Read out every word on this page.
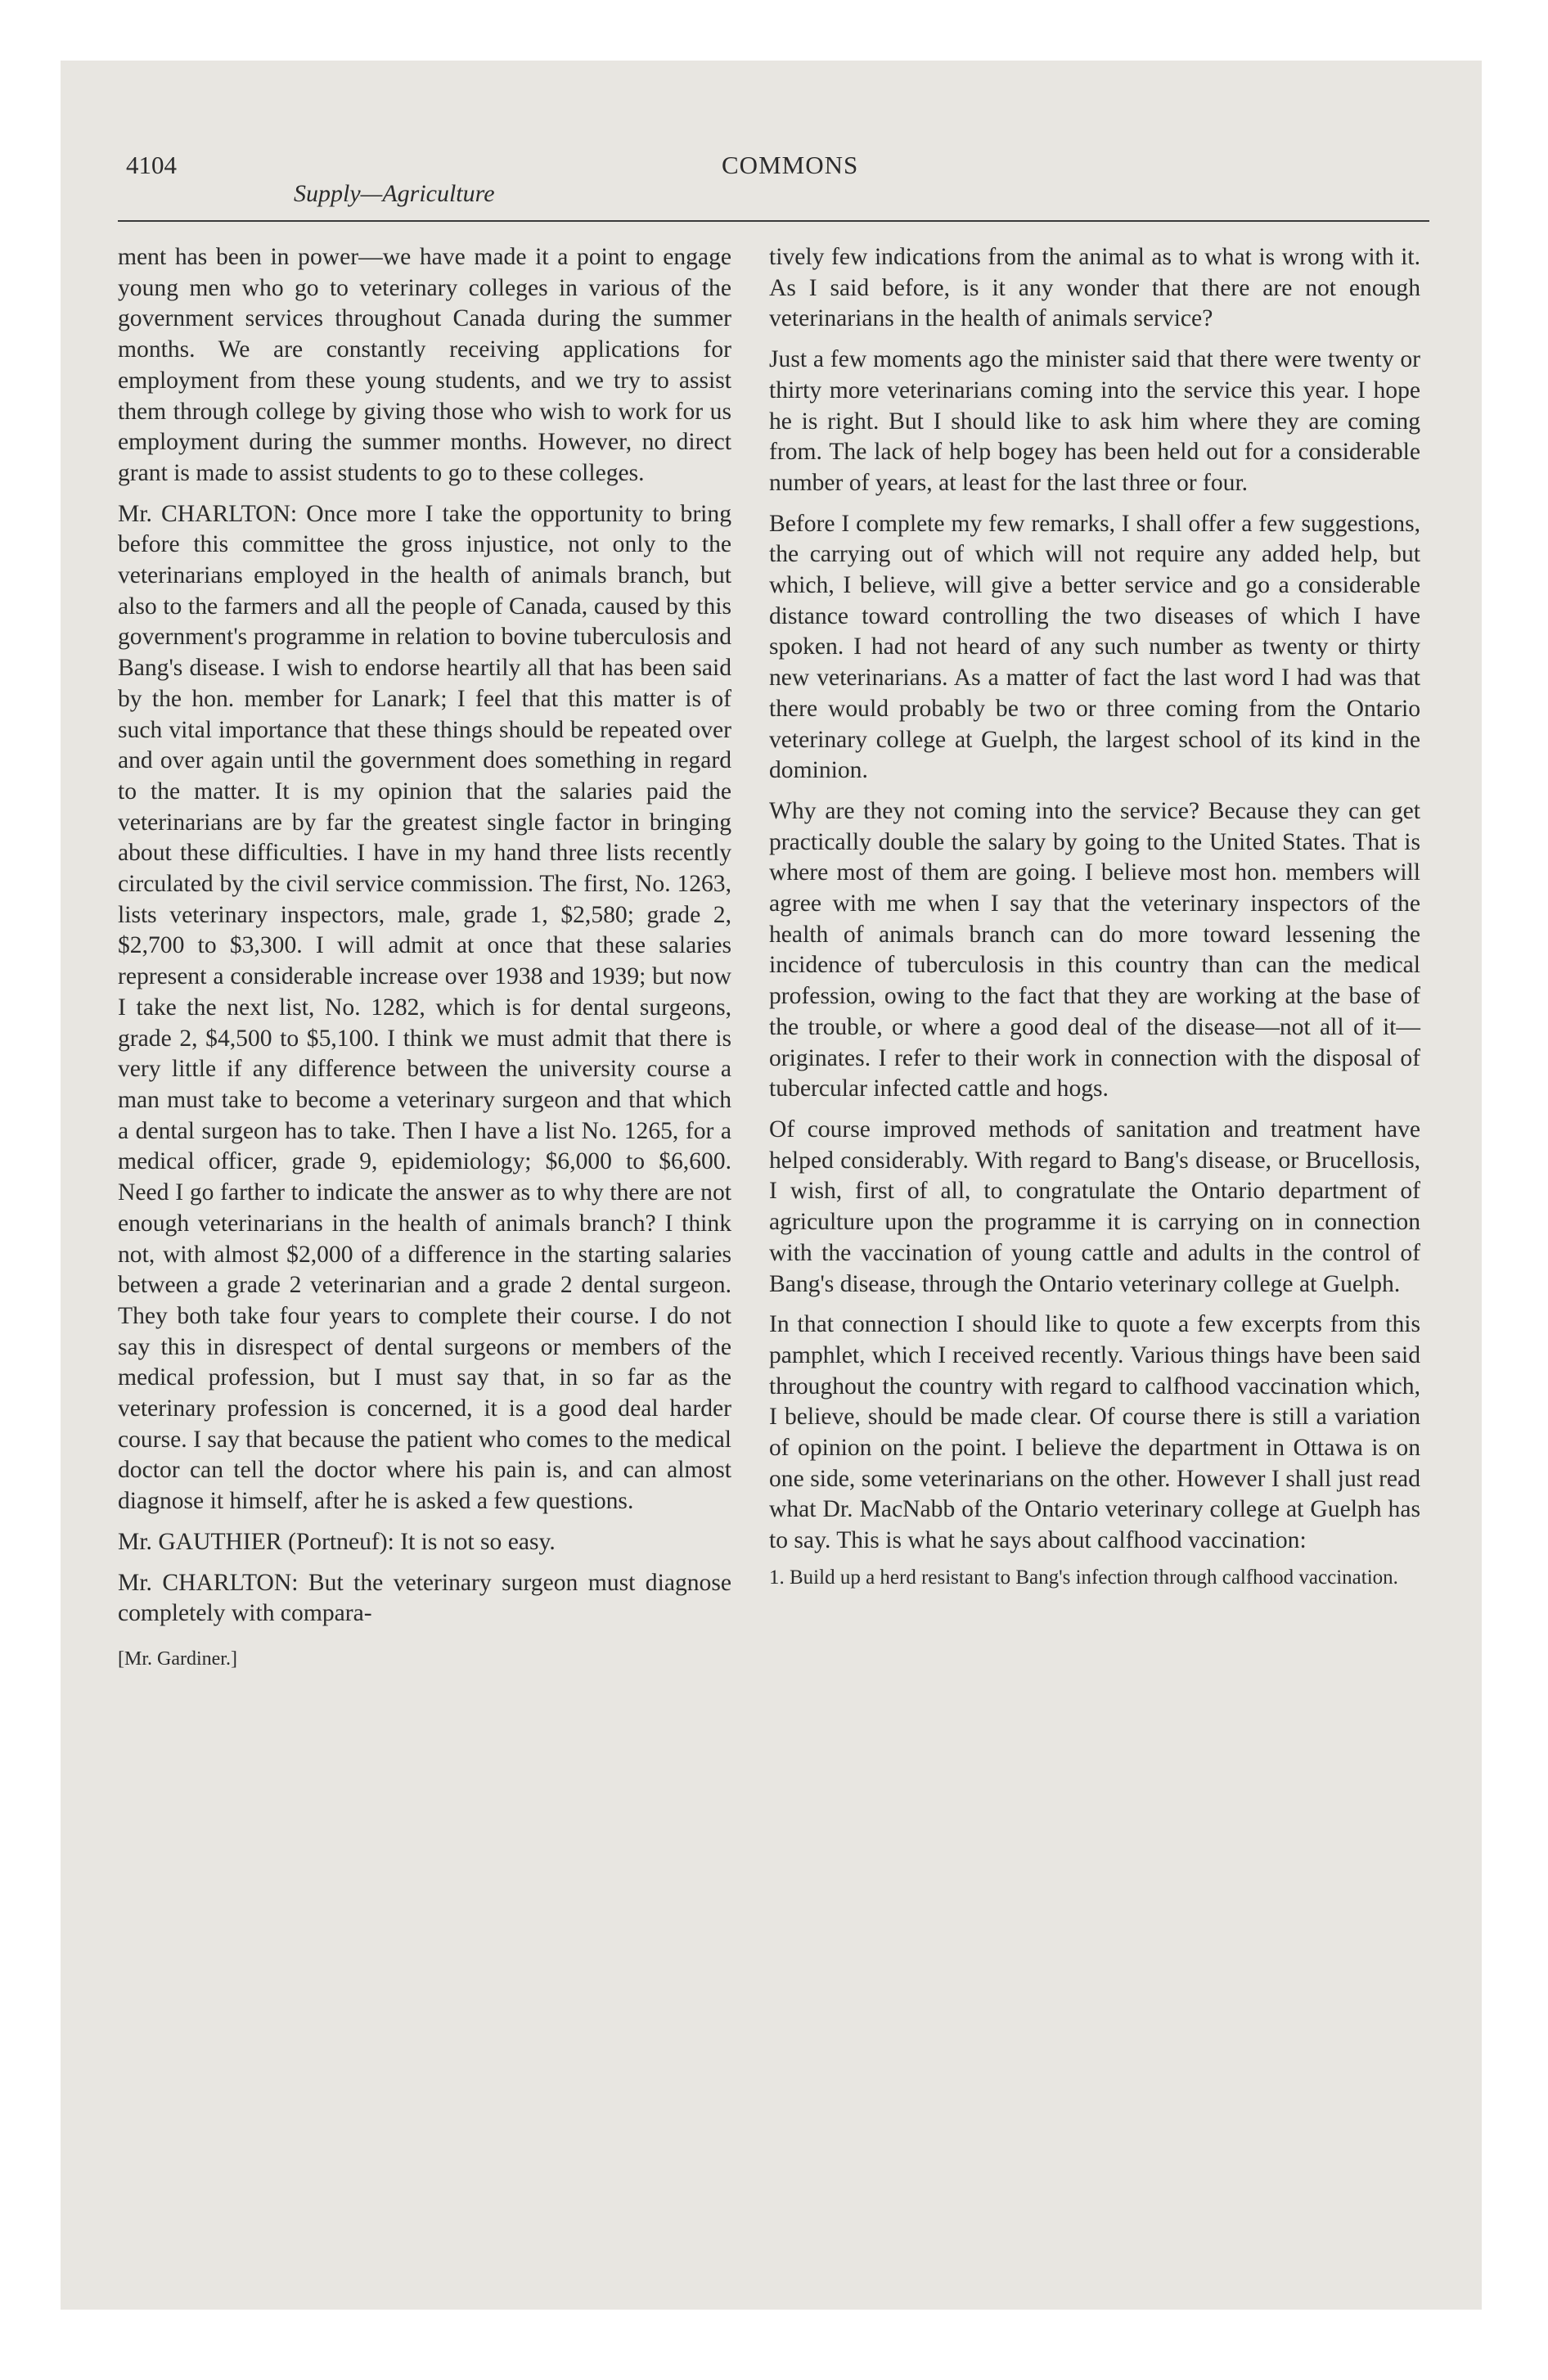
4104	COMMONS
Supply—Agriculture

ment has been in power—we have made it a point to engage young men who go to veterinary colleges in various of the government services throughout Canada during the summer months. We are constantly receiving applications for employment from these young students, and we try to assist them through college by giving those who wish to work for us employment during the summer months. However, no direct grant is made to assist students to go to these colleges.

Mr. CHARLTON: Once more I take the opportunity to bring before this committee the gross injustice, not only to the veterinarians employed in the health of animals branch, but also to the farmers and all the people of Canada, caused by this government's programme in relation to bovine tuberculosis and Bang's disease. I wish to endorse heartily all that has been said by the hon. member for Lanark; I feel that this matter is of such vital importance that these things should be repeated over and over again until the government does something in regard to the matter. It is my opinion that the salaries paid the veterinarians are by far the greatest single factor in bringing about these difficulties. I have in my hand three lists recently circulated by the civil service commission. The first, No. 1263, lists veterinary inspectors, male, grade 1, $2,580; grade 2, $2,700 to $3,300. I will admit at once that these salaries represent a considerable increase over 1938 and 1939; but now I take the next list, No. 1282, which is for dental surgeons, grade 2, $4,500 to $5,100. I think we must admit that there is very little if any difference between the university course a man must take to become a veterinary surgeon and that which a dental surgeon has to take. Then I have a list No. 1265, for a medical officer, grade 9, epidemiology; $6,000 to $6,600. Need I go farther to indicate the answer as to why there are not enough veterinarians in the health of animals branch? I think not, with almost $2,000 of a difference in the starting salaries between a grade 2 veterinarian and a grade 2 dental surgeon. They both take four years to complete their course. I do not say this in disrespect of dental surgeons or members of the medical profession, but I must say that, in so far as the veterinary profession is concerned, it is a good deal harder course. I say that because the patient who comes to the medical doctor can tell the doctor where his pain is, and can almost diagnose it himself, after he is asked a few questions.

Mr. GAUTHIER (Portneuf): It is not so easy.

Mr. CHARLTON: But the veterinary surgeon must diagnose completely with compara-

[Mr. Gardiner.]

tively few indications from the animal as to what is wrong with it. As I said before, is it any wonder that there are not enough veterinarians in the health of animals service?

Just a few moments ago the minister said that there were twenty or thirty more veterinarians coming into the service this year. I hope he is right. But I should like to ask him where they are coming from. The lack of help bogey has been held out for a considerable number of years, at least for the last three or four.

Before I complete my few remarks, I shall offer a few suggestions, the carrying out of which will not require any added help, but which, I believe, will give a better service and go a considerable distance toward controlling the two diseases of which I have spoken. I had not heard of any such number as twenty or thirty new veterinarians. As a matter of fact the last word I had was that there would probably be two or three coming from the Ontario veterinary college at Guelph, the largest school of its kind in the dominion.

Why are they not coming into the service? Because they can get practically double the salary by going to the United States. That is where most of them are going. I believe most hon. members will agree with me when I say that the veterinary inspectors of the health of animals branch can do more toward lessening the incidence of tuberculosis in this country than can the medical profession, owing to the fact that they are working at the base of the trouble, or where a good deal of the disease—not all of it—originates. I refer to their work in connection with the disposal of tubercular infected cattle and hogs.

Of course improved methods of sanitation and treatment have helped considerably. With regard to Bang's disease, or Brucellosis, I wish, first of all, to congratulate the Ontario department of agriculture upon the programme it is carrying on in connection with the vaccination of young cattle and adults in the control of Bang's disease, through the Ontario veterinary college at Guelph.

In that connection I should like to quote a few excerpts from this pamphlet, which I received recently. Various things have been said throughout the country with regard to calfhood vaccination which, I believe, should be made clear. Of course there is still a variation of opinion on the point. I believe the department in Ottawa is on one side, some veterinarians on the other. However I shall just read what Dr. MacNabb of the Ontario veterinary college at Guelph has to say. This is what he says about calfhood vaccination:

1. Build up a herd resistant to Bang's infection through calfhood vaccination.
